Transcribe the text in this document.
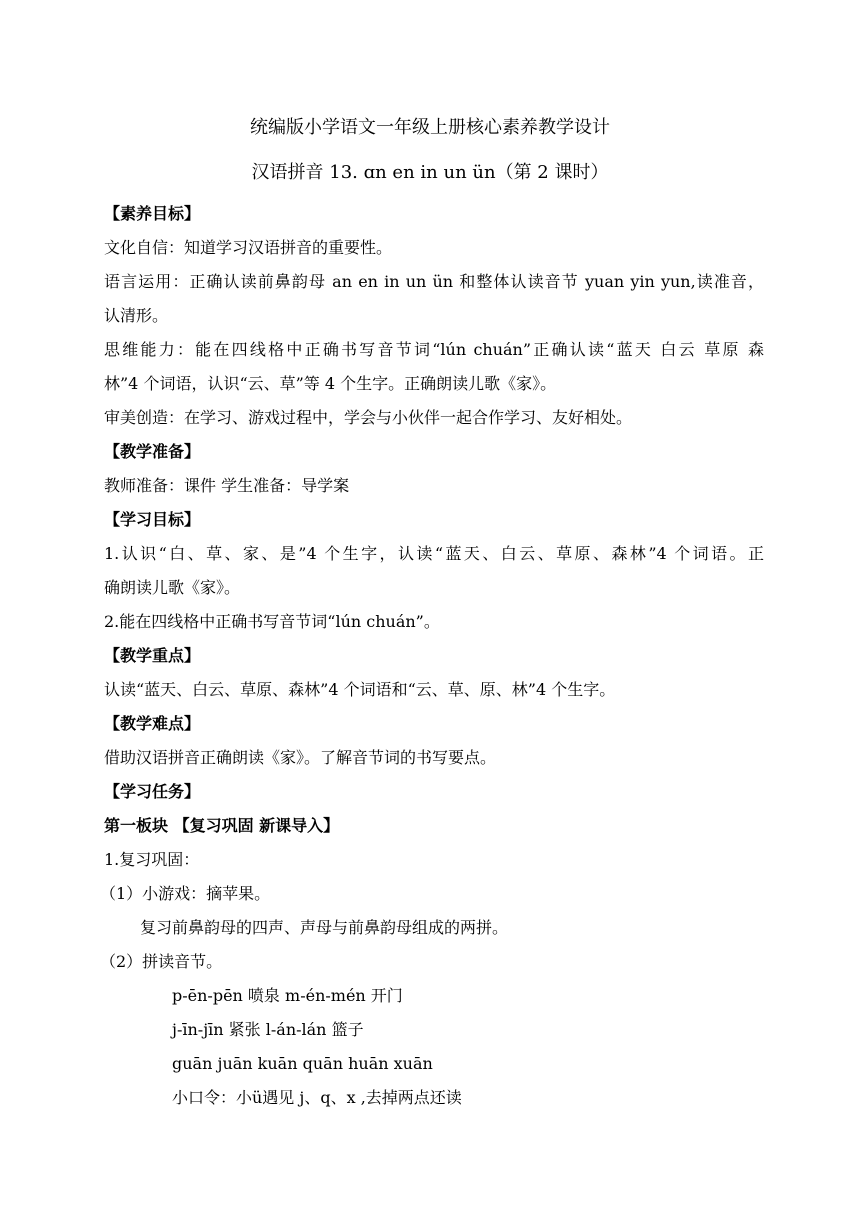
统编版小学语文一年级上册核心素养教学设计
汉语拼音 13. ɑn en in un ün（第 2 课时）
【素养目标】
文化自信：知道学习汉语拼音的重要性。
语言运用：正确认读前鼻韵母 an en in un ün 和整体认读音节 yuan yin yun,读准音，
认清形。
思维能力：能在四线格中正确书写音节词“lún chuán”正确认读“蓝天 白云 草原 森
林”4 个词语，认识“云、草”等 4 个生字。正确朗读儿歌《家》。
审美创造：在学习、游戏过程中，学会与小伙伴一起合作学习、友好相处。
【教学准备】
教师准备：课件 学生准备：导学案
【学习目标】
1.认识“白、草、家、是”4 个生字，认读“蓝天、白云、草原、森林”4 个词语。正
确朗读儿歌《家》。
2.能在四线格中正确书写音节词“lún chuán”。
【教学重点】
认读“蓝天、白云、草原、森林”4 个词语和“云、草、原、林”4 个生字。
【教学难点】
借助汉语拼音正确朗读《家》。了解音节词的书写要点。
【学习任务】
第一板块 【复习巩固 新课导入】
1.复习巩固：
（1）小游戏：摘苹果。
复习前鼻韵母的四声、声母与前鼻韵母组成的两拼。
（2）拼读音节。
p-ēn-pēn 喷泉 m-én-mén 开门
j-īn-jīn 紧张 l-án-lán 篮子
guān juān kuān quān huān xuān
小口令：小ü遇见 j、q、x ,去掉两点还读
